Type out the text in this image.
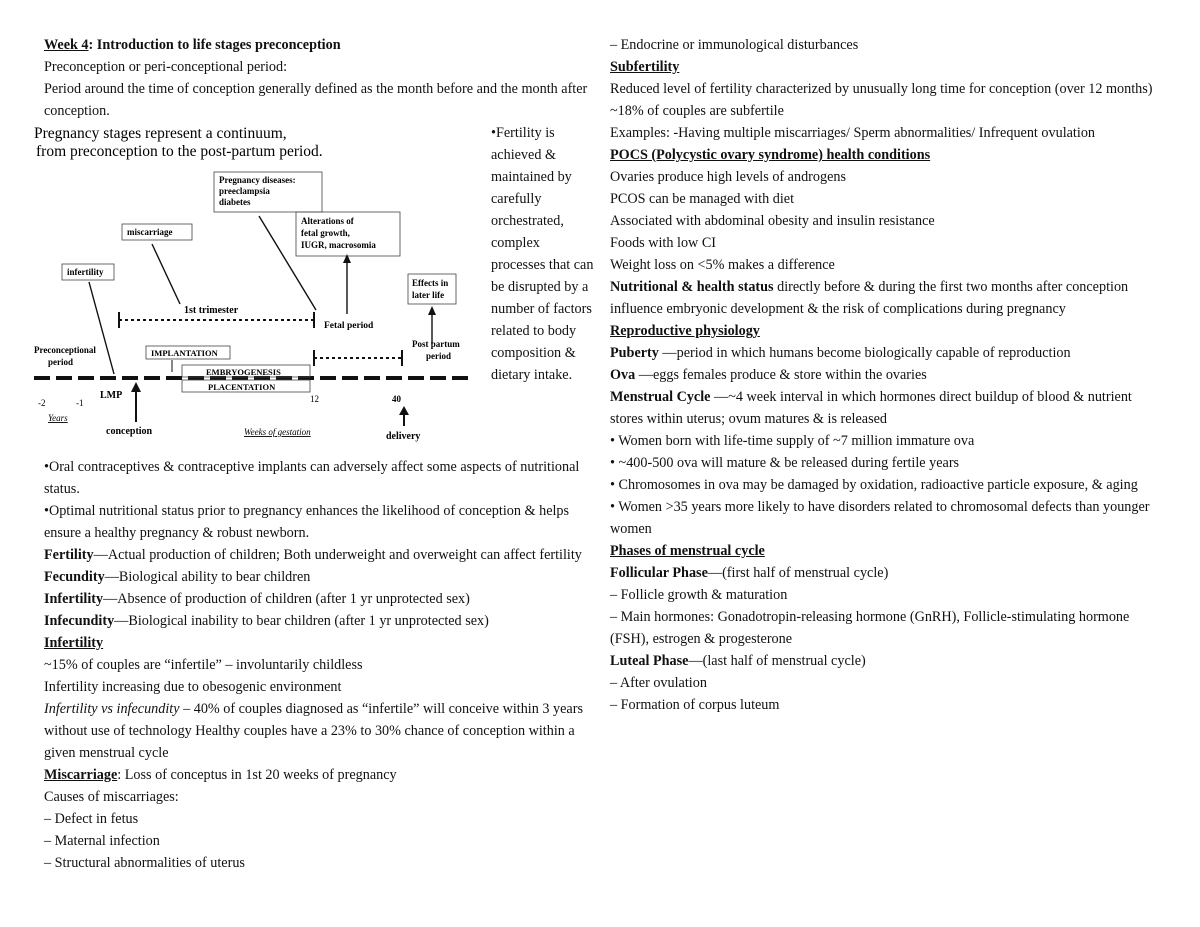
Week 4: Introduction to life stages preconception

Preconception or peri-conceptional period:

Period around the time of conception generally defined as the month before and the month after conception.

Pregnancy stages represent a continuum,
from preconception to the post-partum period.
Pregnancy diseases:
preeclampsia
diabetes
Alterations of
fetal growth,
IUGR, macrosomia
miscarriage
infertility
Effects in
later life
1st trimester
Fetal period
Preconceptional
period
IMPLANTATION
Post partum
period
EMBRYOGENESIS
PLACENTATION
LMP
conception
-2	-1	12	40
Years
Weeks of gestation	delivery
•Fertility is achieved & maintained by carefully orchestrated, complex processes that can be disrupted by a number of factors related to body composition & dietary intake.

•Oral contraceptives & contraceptive implants can adversely affect some aspects of nutritional status.

•Optimal nutritional status prior to pregnancy enhances the likelihood of conception & helps ensure a healthy pregnancy & robust newborn.

Fertility—Actual production of children; Both underweight and overweight can affect fertility

Fecundity—Biological ability to bear children

Infertility—Absence of production of children (after 1 yr unprotected sex)

Infecundity—Biological inability to bear children (after 1 yr unprotected sex)

Infertility

~15% of couples are “infertile” – involuntarily childless

Infertility increasing due to obesogenic environment

Infertility vs infecundity – 40% of couples diagnosed as “infertile” will conceive within 3 years without use of technology Healthy couples have a 23% to 30% chance of conception within a given menstrual cycle

Miscarriage: Loss of conceptus in 1st 20 weeks of pregnancy

Causes of miscarriages:

– Defect in fetus

– Maternal infection

– Structural abnormalities of uterus

– Endocrine or immunological disturbances

Subfertility

Reduced level of fertility characterized by unusually long time for conception (over 12 months)

~18% of couples are subfertile

Examples: -Having multiple miscarriages/ Sperm abnormalities/ Infrequent ovulation

POCS (Polycystic ovary syndrome) health conditions

Ovaries produce high levels of androgens

PCOS can be managed with diet

Associated with abdominal obesity and insulin resistance

Foods with low CI

Weight loss on <5% makes a difference

Nutritional & health status directly before & during the first two months after conception influence embryonic development & the risk of complications during pregnancy

Reproductive physiology

Puberty —period in which humans become biologically capable of reproduction

Ova —eggs females produce & store within the ovaries

Menstrual Cycle —~4 week interval in which hormones direct buildup of blood & nutrient stores within uterus; ovum matures & is released

• Women born with life-time supply of ~7 million immature ova

• ~400-500 ova will mature & be released during fertile years

• Chromosomes in ova may be damaged by oxidation, radioactive particle exposure, & aging

• Women >35 years more likely to have disorders related to chromosomal defects than younger women

Phases of menstrual cycle

Follicular Phase—(first half of menstrual cycle)

– Follicle growth & maturation

– Main hormones: Gonadotropin-releasing hormone (GnRH), Follicle-stimulating hormone (FSH), estrogen & progesterone

Luteal Phase—(last half of menstrual cycle)

– After ovulation

– Formation of corpus luteum
